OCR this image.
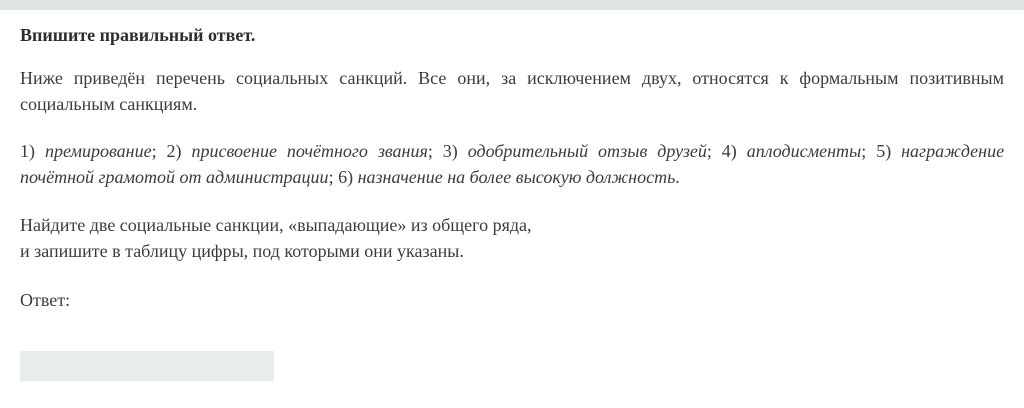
Впишите правильный ответ.

Ниже приведён перечень социальных санкций. Все они, за исключением двух, относятся к формальным позитивным социальным санкциям.

1) премирование; 2) присвоение почётного звания; 3) одобрительный отзыв друзей; 4) аплодисменты; 5) награждение почётной грамотой от администрации; 6) назначение на более высокую должность.

Найдите две социальные санкции, «выпадающие» из общего ряда,
и запишите в таблицу цифры, под которыми они указаны.

Ответ:
